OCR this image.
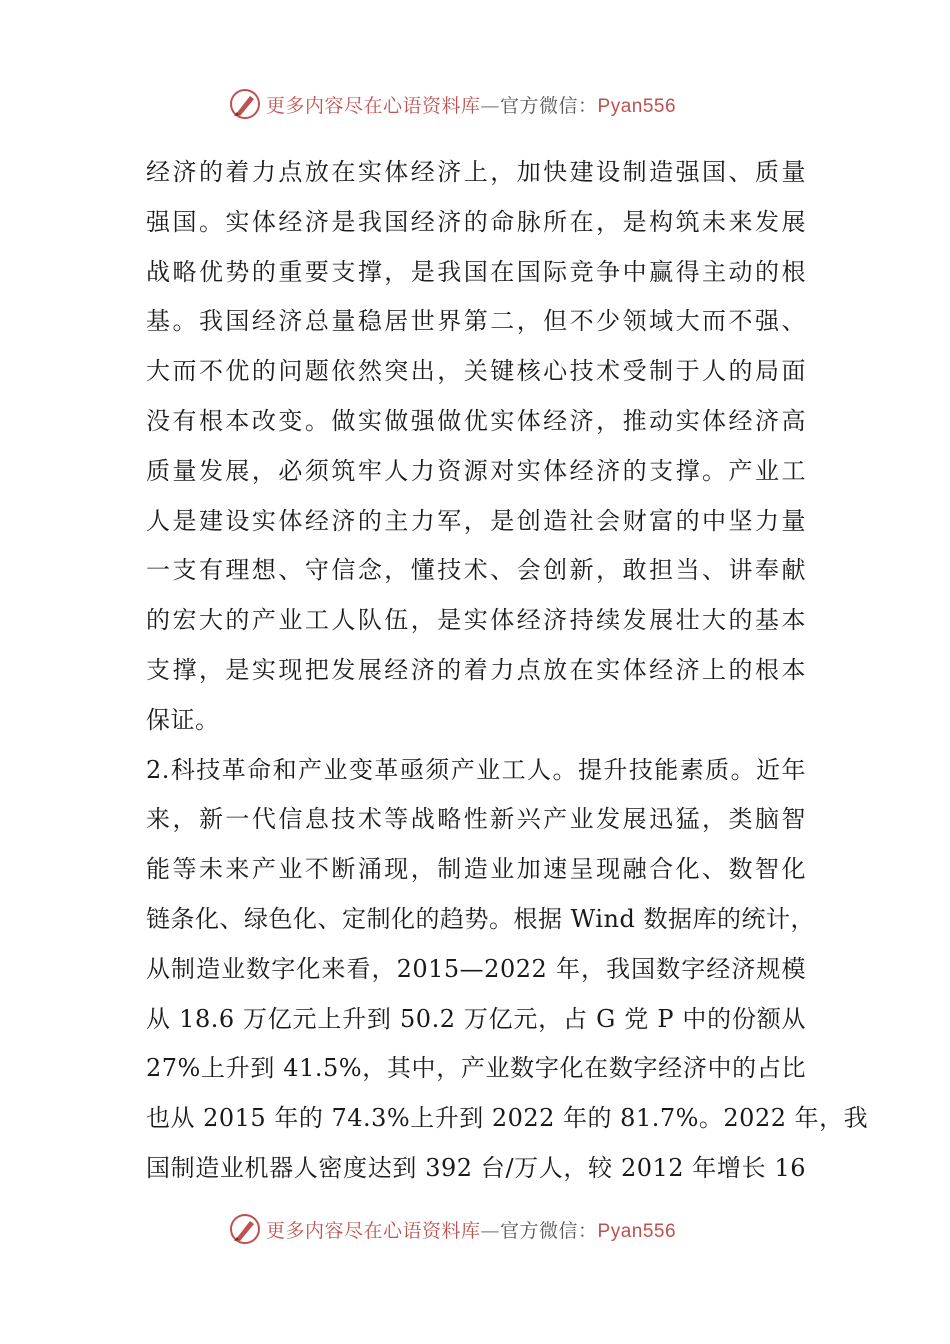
更多内容尽在心语资料库—官方微信：Pyan556
经济的着力点放在实体经济上，加快建设制造强国、质量
强国。实体经济是我国经济的命脉所在，是构筑未来发展
战略优势的重要支撑，是我国在国际竞争中赢得主动的根
基。我国经济总量稳居世界第二，但不少领域大而不强、
大而不优的问题依然突出，关键核心技术受制于人的局面
没有根本改变。做实做强做优实体经济，推动实体经济高
质量发展，必须筑牢人力资源对实体经济的支撑。产业工
人是建设实体经济的主力军，是创造社会财富的中坚力量
一支有理想、守信念，懂技术、会创新，敢担当、讲奉献
的宏大的产业工人队伍，是实体经济持续发展壮大的基本
支撑，是实现把发展经济的着力点放在实体经济上的根本
保证。
2.科技革命和产业变革亟须产业工人。提升技能素质。近年
来，新一代信息技术等战略性新兴产业发展迅猛，类脑智
能等未来产业不断涌现，制造业加速呈现融合化、数智化
链条化、绿色化、定制化的趋势。根据 Wind 数据库的统计，
从制造业数字化来看，2015—2022 年，我国数字经济规模
从 18.6 万亿元上升到 50.2 万亿元，占 G 党 P 中的份额从
27%上升到 41.5%，其中，产业数字化在数字经济中的占比
也从 2015 年的 74.3%上升到 2022 年的 81.7%。2022 年，我
国制造业机器人密度达到 392 台/万人，较 2012 年增长 16
更多内容尽在心语资料库—官方微信：Pyan556
